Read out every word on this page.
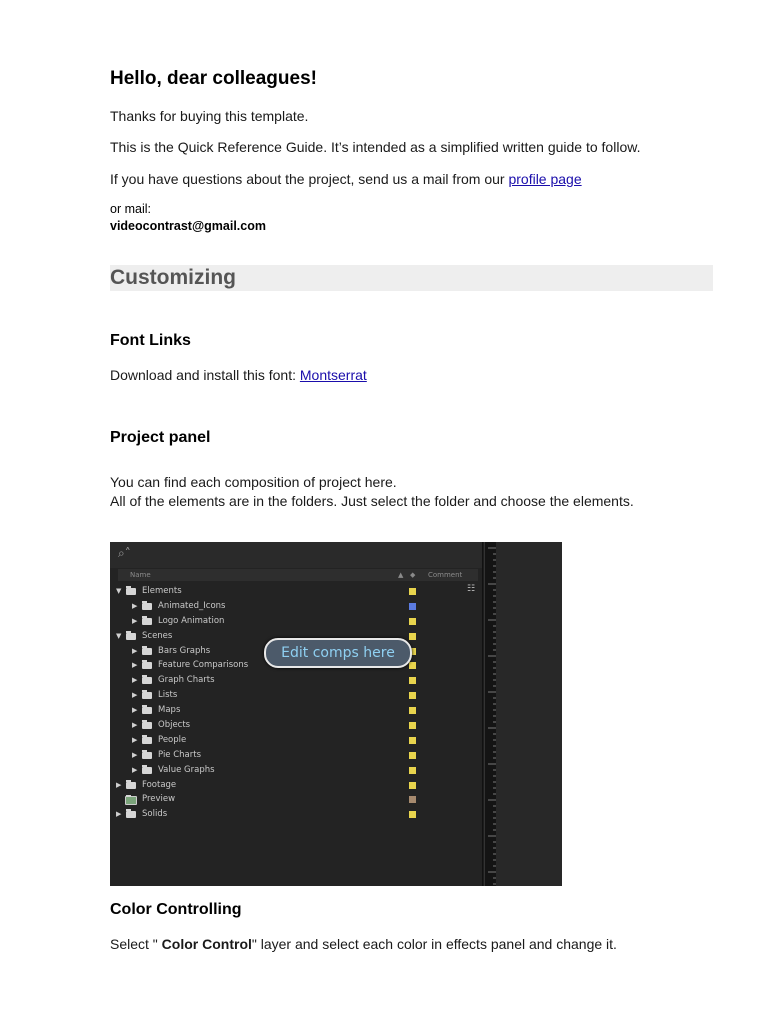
Hello, dear colleagues!
Thanks for buying this template.
This is the Quick Reference Guide. It’s intended as a simplified written guide to follow.
If you have questions about the project, send us a mail from our profile page
or mail:
videocontrast@gmail.com
Customizing
Font Links
Download and install this font: Montserrat
Project panel
You can find each composition of project here.
All of the elements are in the folders. Just select the folder and choose the elements.
⌕˄
Name	▲ ◆ Comment
▼ Elements
▶ Animated_Icons
▶ Logo Animation
▼ Scenes
▶ Bars Graphs
▶ Feature Comparisons
▶ Graph Charts
▶ Lists
▶ Maps
▶ Objects
▶ People
▶ Pie Charts
▶ Value Graphs
▶ Footage
Preview
▶ Solids
☷
Edit comps here
Color Controlling
Select " Color Control" layer and select each color in effects panel and change it.
